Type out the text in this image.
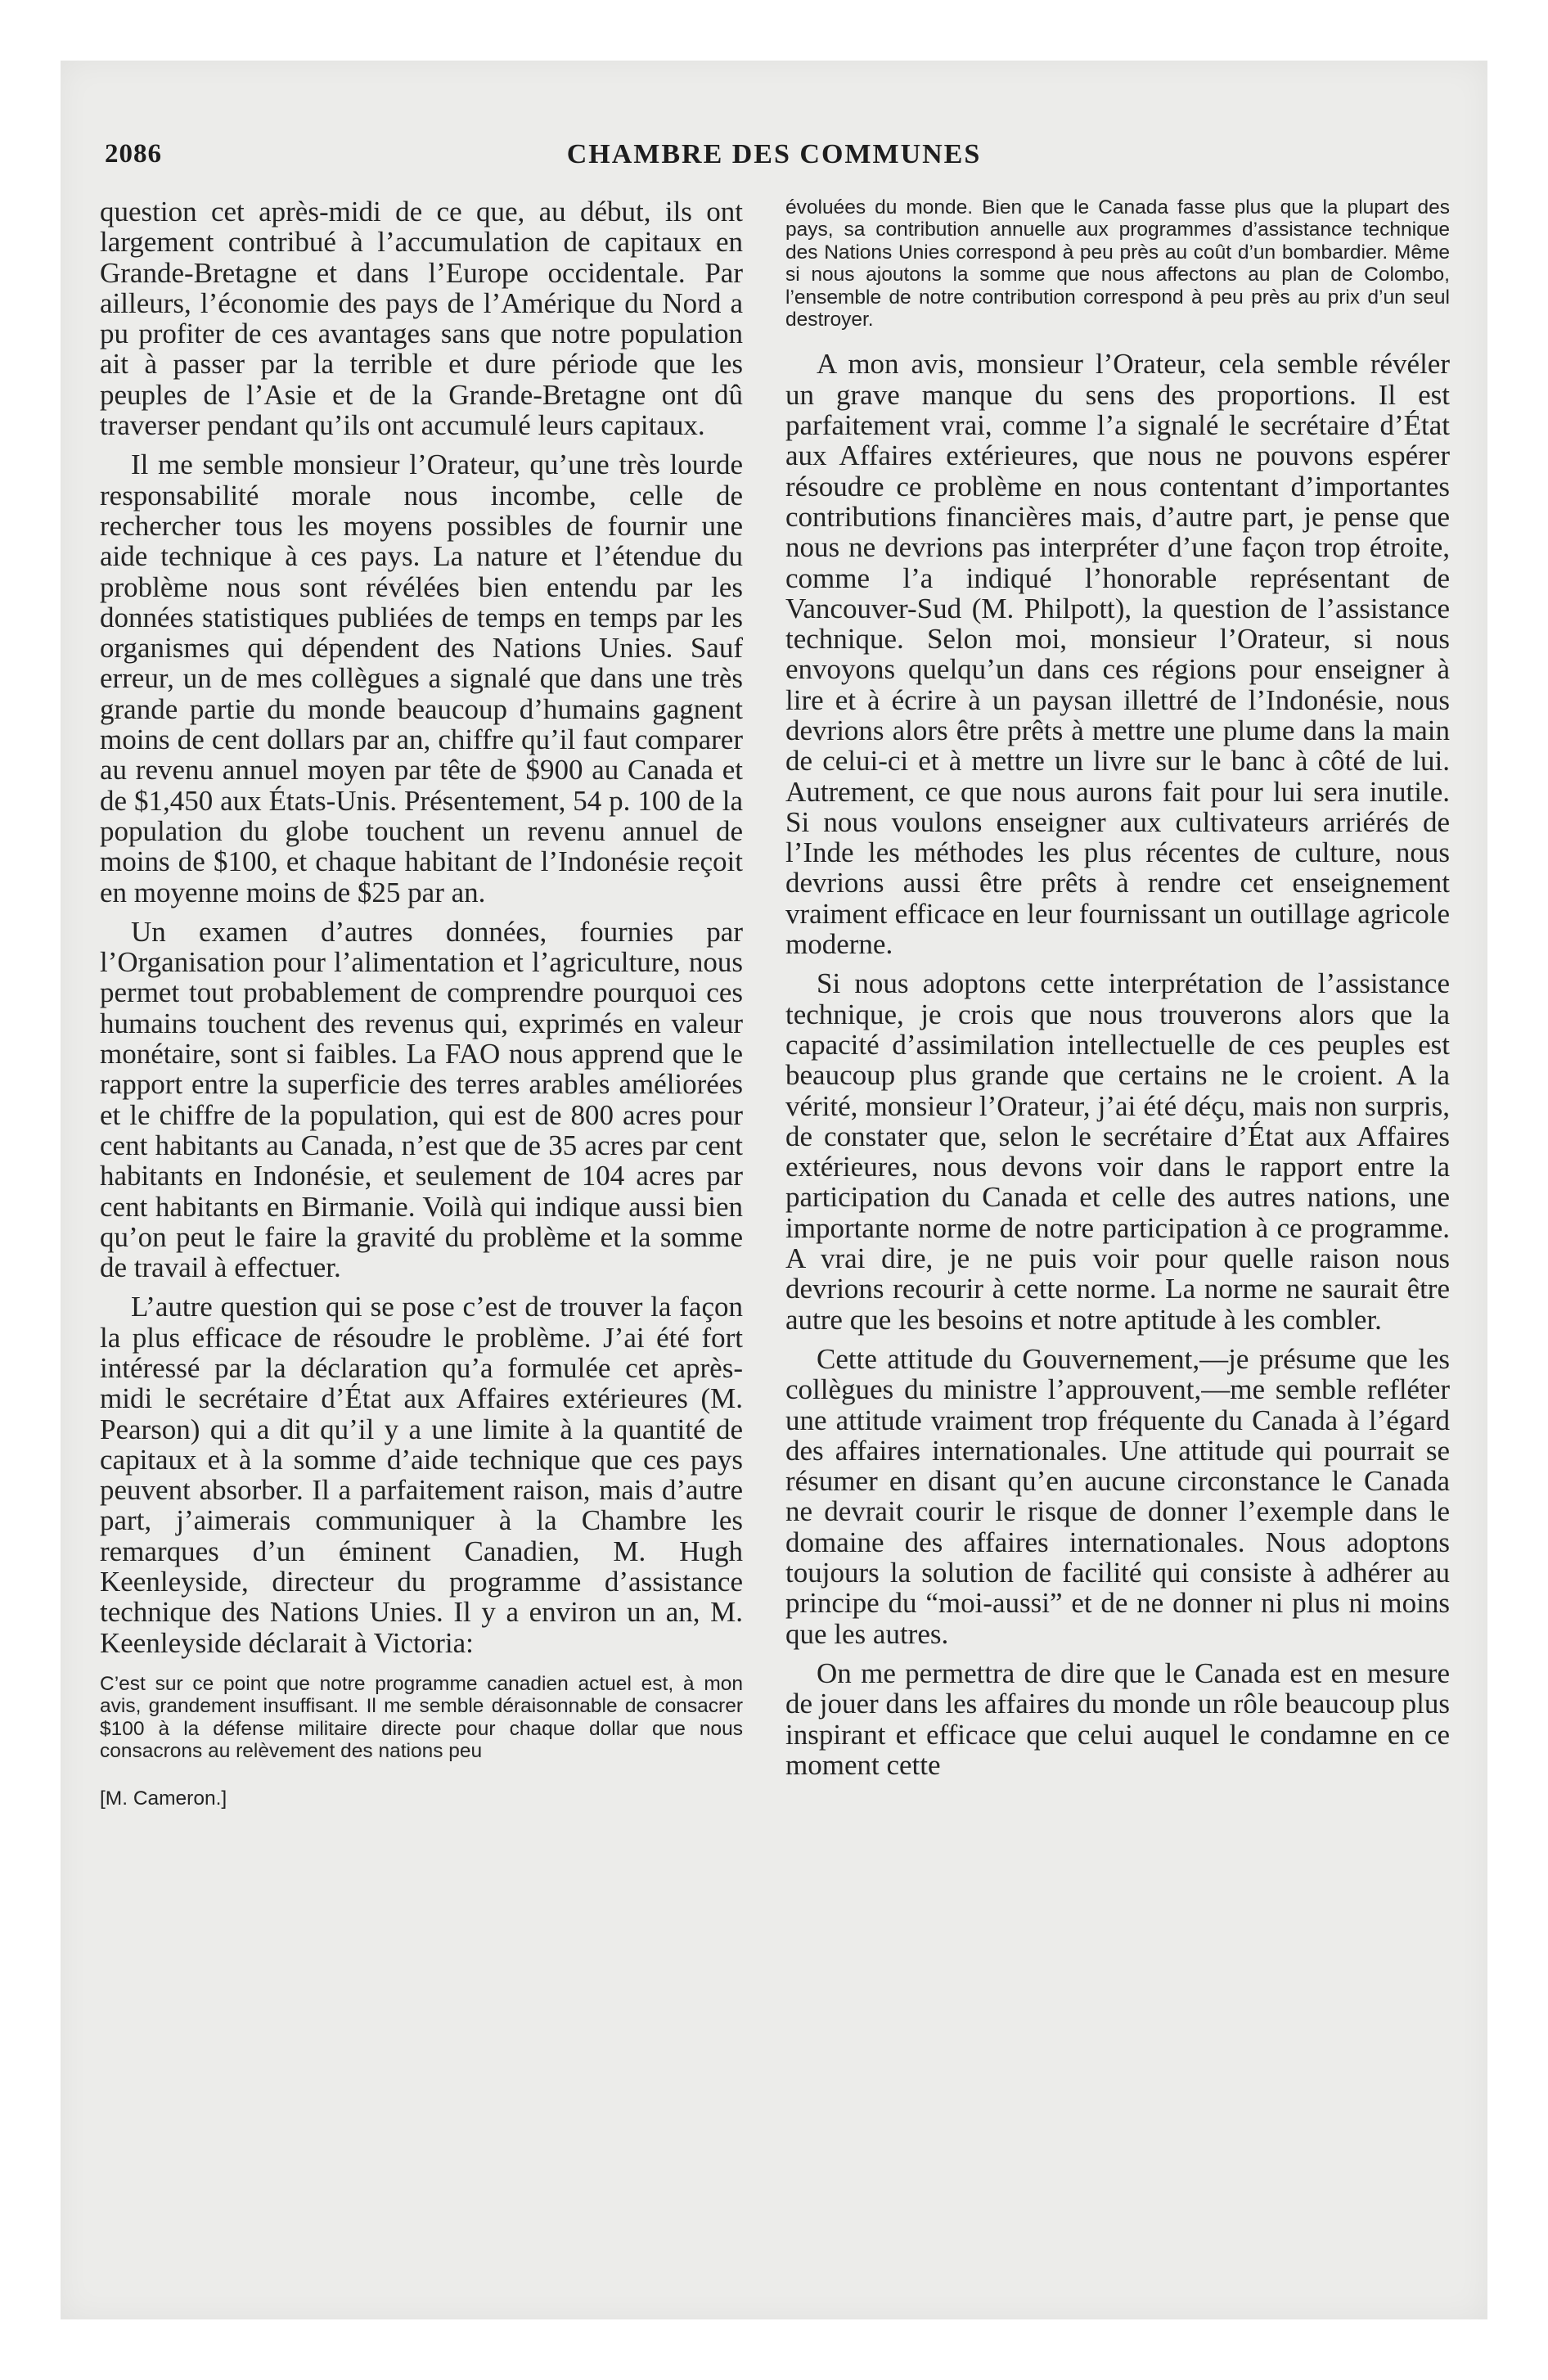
2086	CHAMBRE DES COMMUNES

question cet après-midi de ce que, au début, ils ont largement contribué à l’accumulation de capitaux en Grande-Bretagne et dans l’Europe occidentale. Par ailleurs, l’économie des pays de l’Amérique du Nord a pu profiter de ces avantages sans que notre population ait à passer par la terrible et dure période que les peuples de l’Asie et de la Grande-Bretagne ont dû traverser pendant qu’ils ont accumulé leurs capitaux.

Il me semble monsieur l’Orateur, qu’une très lourde responsabilité morale nous incombe, celle de rechercher tous les moyens possibles de fournir une aide technique à ces pays. La nature et l’étendue du problème nous sont révélées bien entendu par les données statistiques publiées de temps en temps par les organismes qui dépendent des Nations Unies. Sauf erreur, un de mes collègues a signalé que dans une très grande partie du monde beaucoup d’humains gagnent moins de cent dollars par an, chiffre qu’il faut comparer au revenu annuel moyen par tête de $900 au Canada et de $1,450 aux États-Unis. Présentement, 54 p. 100 de la population du globe touchent un revenu annuel de moins de $100, et chaque habitant de l’Indonésie reçoit en moyenne moins de $25 par an.

Un examen d’autres données, fournies par l’Organisation pour l’alimentation et l’agriculture, nous permet tout probablement de comprendre pourquoi ces humains touchent des revenus qui, exprimés en valeur monétaire, sont si faibles. La FAO nous apprend que le rapport entre la superficie des terres arables améliorées et le chiffre de la population, qui est de 800 acres pour cent habitants au Canada, n’est que de 35 acres par cent habitants en Indonésie, et seulement de 104 acres par cent habitants en Birmanie. Voilà qui indique aussi bien qu’on peut le faire la gravité du problème et la somme de travail à effectuer.

L’autre question qui se pose c’est de trouver la façon la plus efficace de résoudre le problème. J’ai été fort intéressé par la déclaration qu’a formulée cet après-midi le secrétaire d’État aux Affaires extérieures (M. Pearson) qui a dit qu’il y a une limite à la quantité de capitaux et à la somme d’aide technique que ces pays peuvent absorber. Il a parfaitement raison, mais d’autre part, j’aimerais communiquer à la Chambre les remarques d’un éminent Canadien, M. Hugh Keenleyside, directeur du programme d’assistance technique des Nations Unies. Il y a environ un an, M. Keenleyside déclarait à Victoria:

C’est sur ce point que notre programme canadien actuel est, à mon avis, grandement insuffisant. Il me semble déraisonnable de consacrer $100 à la défense militaire directe pour chaque dollar que nous consacrons au relèvement des nations peu

[M. Cameron.]

évoluées du monde. Bien que le Canada fasse plus que la plupart des pays, sa contribution annuelle aux programmes d’assistance technique des Nations Unies correspond à peu près au coût d’un bombardier. Même si nous ajoutons la somme que nous affectons au plan de Colombo, l’ensemble de notre contribution correspond à peu près au prix d’un seul destroyer.

A mon avis, monsieur l’Orateur, cela semble révéler un grave manque du sens des proportions. Il est parfaitement vrai, comme l’a signalé le secrétaire d’État aux Affaires extérieures, que nous ne pouvons espérer résoudre ce problème en nous contentant d’importantes contributions financières mais, d’autre part, je pense que nous ne devrions pas interpréter d’une façon trop étroite, comme l’a indiqué l’honorable représentant de Vancouver-Sud (M. Philpott), la question de l’assistance technique. Selon moi, monsieur l’Orateur, si nous envoyons quelqu’un dans ces régions pour enseigner à lire et à écrire à un paysan illettré de l’Indonésie, nous devrions alors être prêts à mettre une plume dans la main de celui-ci et à mettre un livre sur le banc à côté de lui. Autrement, ce que nous aurons fait pour lui sera inutile. Si nous voulons enseigner aux cultivateurs arriérés de l’Inde les méthodes les plus récentes de culture, nous devrions aussi être prêts à rendre cet enseignement vraiment efficace en leur fournissant un outillage agricole moderne.

Si nous adoptons cette interprétation de l’assistance technique, je crois que nous trouverons alors que la capacité d’assimilation intellectuelle de ces peuples est beaucoup plus grande que certains ne le croient. A la vérité, monsieur l’Orateur, j’ai été déçu, mais non surpris, de constater que, selon le secrétaire d’État aux Affaires extérieures, nous devons voir dans le rapport entre la participation du Canada et celle des autres nations, une importante norme de notre participation à ce programme. A vrai dire, je ne puis voir pour quelle raison nous devrions recourir à cette norme. La norme ne saurait être autre que les besoins et notre aptitude à les combler.

Cette attitude du Gouvernement,—je présume que les collègues du ministre l’approuvent,—me semble refléter une attitude vraiment trop fréquente du Canada à l’égard des affaires internationales. Une attitude qui pourrait se résumer en disant qu’en aucune circonstance le Canada ne devrait courir le risque de donner l’exemple dans le domaine des affaires internationales. Nous adoptons toujours la solution de facilité qui consiste à adhérer au principe du “moi-aussi” et de ne donner ni plus ni moins que les autres.

On me permettra de dire que le Canada est en mesure de jouer dans les affaires du monde un rôle beaucoup plus inspirant et efficace que celui auquel le condamne en ce moment cette
